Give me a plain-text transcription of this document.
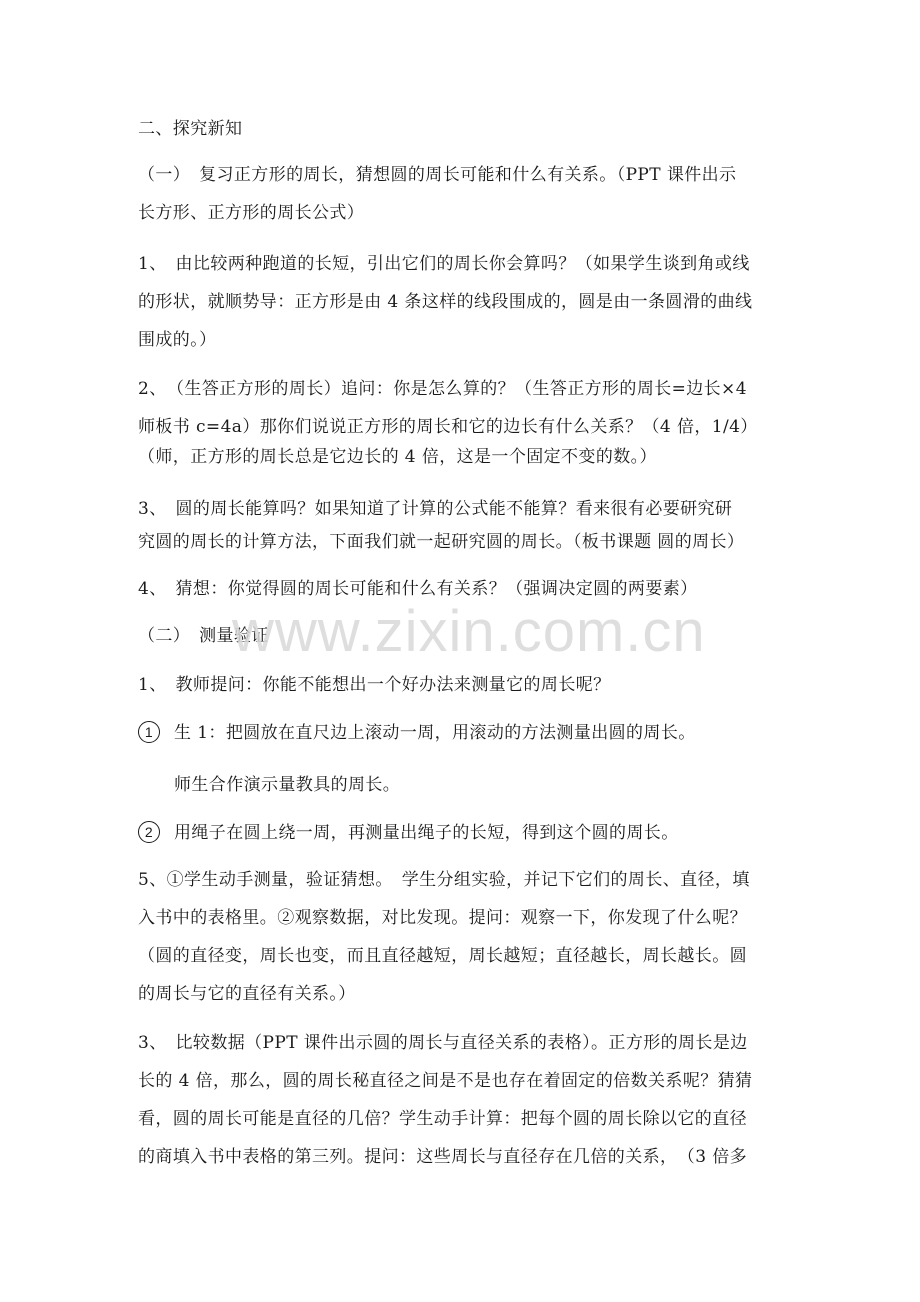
二、探究新知
（一）　复习正方形的周长，猜想圆的周长可能和什么有关系。（PPT 课件出示
长方形、正方形的周长公式）
1、　由比较两种跑道的长短，引出它们的周长你会算吗？（如果学生谈到角或线
的形状，就顺势导：正方形是由 4 条这样的线段围成的，圆是由一条圆滑的曲线
围成的。）
2、　（生答正方形的周长）追问：你是怎么算的？（生答正方形的周长=边长×4
师板书 c=4a）那你们说说正方形的周长和它的边长有什么关系？（4 倍，1/4）
（师，正方形的周长总是它边长的 4 倍，这是一个固定不变的数。）
3、　圆的周长能算吗？如果知道了计算的公式能不能算？看来很有必要研究研
究圆的周长的计算方法，下面我们就一起研究圆的周长。（板书课题 圆的周长）
4、　猜想：你觉得圆的周长可能和什么有关系？（强调决定圆的两要素）
（二）　测量验证
1、　教师提问：你能不能想出一个好办法来测量它的周长呢？
1 生 1：把圆放在直尺边上滚动一周，用滚动的方法测量出圆的周长。
师生合作演示量教具的周长。
2 用绳子在圆上绕一周，再测量出绳子的长短，得到这个圆的周长。
5、①学生动手测量，验证猜想。　学生分组实验，并记下它们的周长、直径，填
入书中的表格里。②观察数据，对比发现。提问：观察一下，你发现了什么呢？
（圆的直径变，周长也变，而且直径越短，周长越短；直径越长，周长越长。圆
的周长与它的直径有关系。）
3、　比较数据（PPT 课件出示圆的周长与直径关系的表格）。正方形的周长是边
长的 4 倍，那么，圆的周长秘直径之间是不是也存在着固定的倍数关系呢？猜猜
看，圆的周长可能是直径的几倍？学生动手计算：把每个圆的周长除以它的直径
的商填入书中表格的第三列。提问：这些周长与直径存在几倍的关系，　（3 倍多
www.zixin.com.cn
